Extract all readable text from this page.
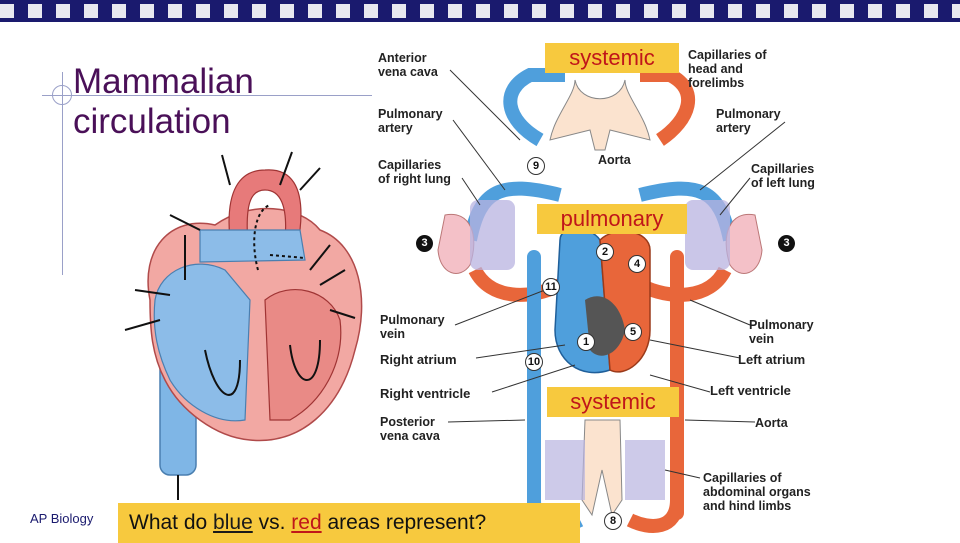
Mammalian
circulation
9
3	3
2
4
11
5
1
10
8
Anterior
vena cava
Pulmonary
artery
Capillaries
of right lung
Pulmonary
vein
Right atrium
Right ventricle
Posterior
vena cava
Capillaries of
head and
forelimbs
Pulmonary
artery
Aorta
Capillaries
of left lung
Pulmonary
vein
Left atrium
Left ventricle
Aorta
Capillaries of
abdominal organs
and hind limbs
systemic
pulmonary
systemic
AP Biology	What do blue vs. red areas represent?
